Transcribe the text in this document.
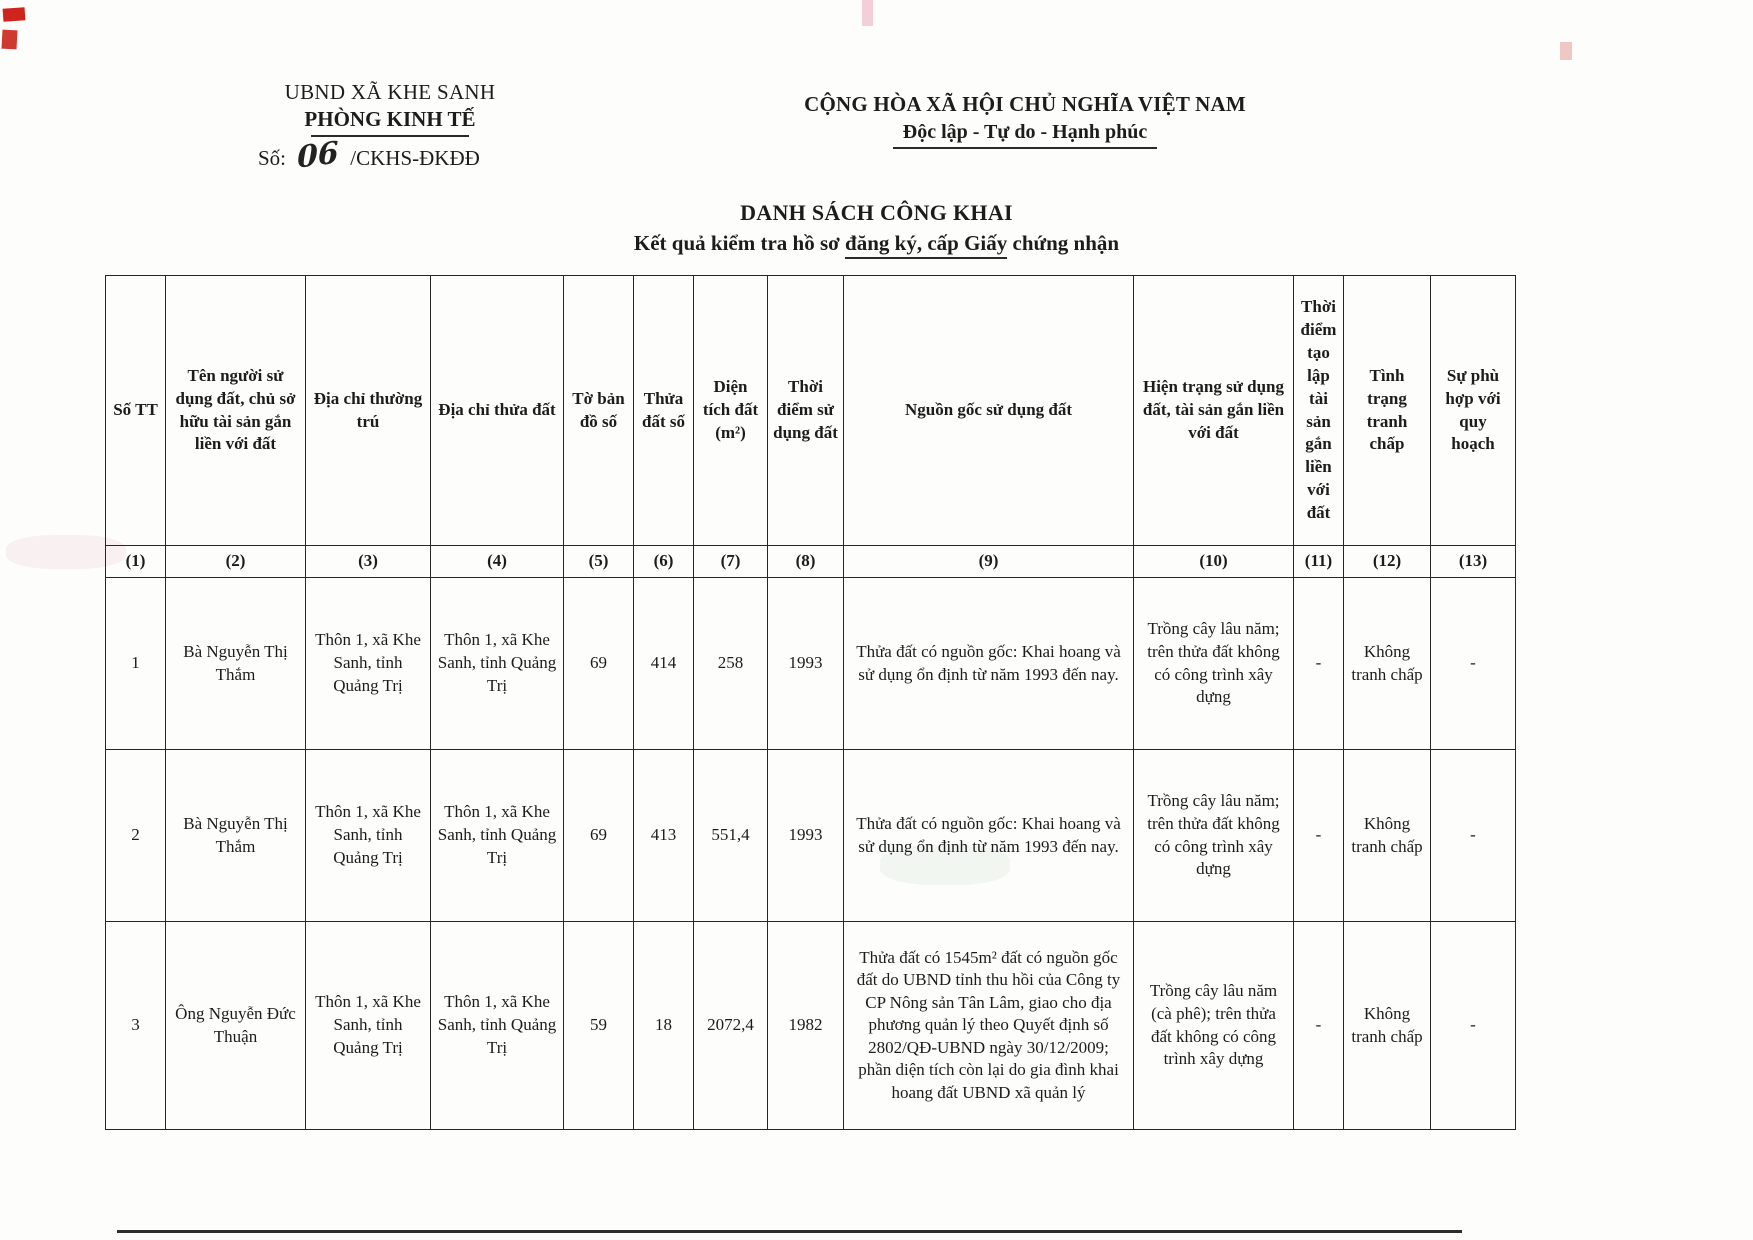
UBND XÃ KHE SANH
PHÒNG KINH TẾ
Số: 06 /CKHS-ĐKĐĐ
CỘNG HÒA XÃ HỘI CHỦ NGHĨA VIỆT NAM
Độc lập - Tự do - Hạnh phúc
DANH SÁCH CÔNG KHAI
Kết quả kiểm tra hồ sơ đăng ký, cấp Giấy chứng nhận
Số TT	Tên người sử dụng đất, chủ sở hữu tài sản gắn liền với đất	Địa chỉ thường trú	Địa chỉ thửa đất	Tờ bản đồ số	Thửa đất số	Diện tích đất (m²)	Thời điểm sử dụng đất	Nguồn gốc sử dụng đất	Hiện trạng sử dụng đất, tài sản gắn liền với đất	Thời điểm tạo lập tài sản gắn liền với đất	Tình trạng tranh chấp	Sự phù hợp với quy hoạch
(1)	(2)	(3)	(4)	(5)	(6)	(7)	(8)	(9)	(10)	(11)	(12)	(13)
1	Bà Nguyễn Thị Thắm	Thôn 1, xã Khe Sanh, tỉnh Quảng Trị	Thôn 1, xã Khe Sanh, tỉnh Quảng Trị	69	414	258	1993	Thửa đất có nguồn gốc: Khai hoang và sử dụng ổn định từ năm 1993 đến nay.	Trồng cây lâu năm; trên thửa đất không có công trình xây dựng	-	Không tranh chấp	-
2	Bà Nguyễn Thị Thắm	Thôn 1, xã Khe Sanh, tỉnh Quảng Trị	Thôn 1, xã Khe Sanh, tỉnh Quảng Trị	69	413	551,4	1993	Thửa đất có nguồn gốc: Khai hoang và sử dụng ổn định từ năm 1993 đến nay.	Trồng cây lâu năm; trên thửa đất không có công trình xây dựng	-	Không tranh chấp	-
3	Ông Nguyễn Đức Thuận	Thôn 1, xã Khe Sanh, tỉnh Quảng Trị	Thôn 1, xã Khe Sanh, tỉnh Quảng Trị	59	18	2072,4	1982	Thửa đất có 1545m² đất có nguồn gốc đất do UBND tỉnh thu hồi của Công ty CP Nông sản Tân Lâm, giao cho địa phương quản lý theo Quyết định số 2802/QĐ-UBND ngày 30/12/2009; phần diện tích còn lại do gia đình khai hoang đất UBND xã quản lý	Trồng cây lâu năm (cà phê); trên thửa đất không có công trình xây dựng	-	Không tranh chấp	-
